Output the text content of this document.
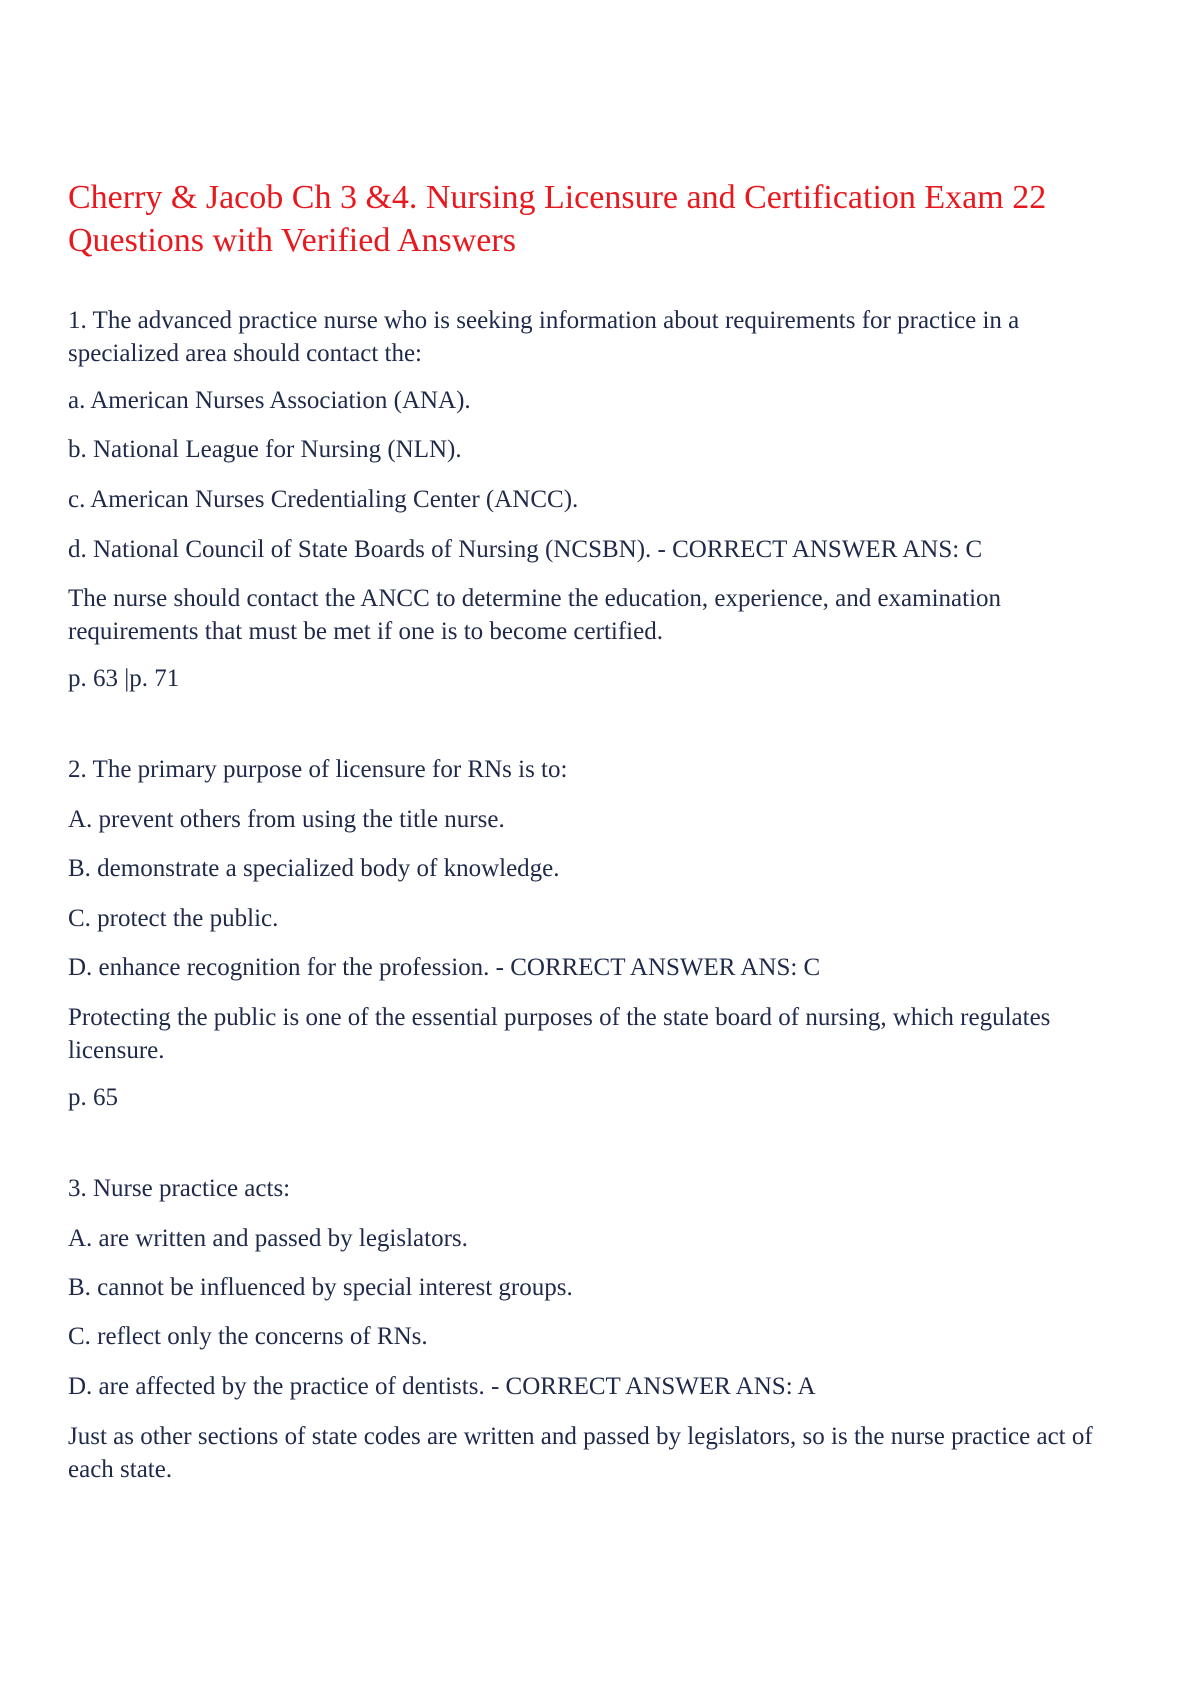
Cherry & Jacob Ch 3 &4. Nursing Licensure and Certification Exam 22 Questions with Verified Answers
1. The advanced practice nurse who is seeking information about requirements for practice in a specialized area should contact the:
a. American Nurses Association (ANA).
b. National League for Nursing (NLN).
c. American Nurses Credentialing Center (ANCC).
d. National Council of State Boards of Nursing (NCSBN). - CORRECT ANSWER ANS: C
The nurse should contact the ANCC to determine the education, experience, and examination requirements that must be met if one is to become certified.
p. 63 |p. 71
2. The primary purpose of licensure for RNs is to:
A. prevent others from using the title nurse.
B. demonstrate a specialized body of knowledge.
C. protect the public.
D. enhance recognition for the profession. - CORRECT ANSWER ANS: C
Protecting the public is one of the essential purposes of the state board of nursing, which regulates licensure.
p. 65
3. Nurse practice acts:
A. are written and passed by legislators.
B. cannot be influenced by special interest groups.
C. reflect only the concerns of RNs.
D. are affected by the practice of dentists. - CORRECT ANSWER ANS: A
Just as other sections of state codes are written and passed by legislators, so is the nurse practice act of each state.
